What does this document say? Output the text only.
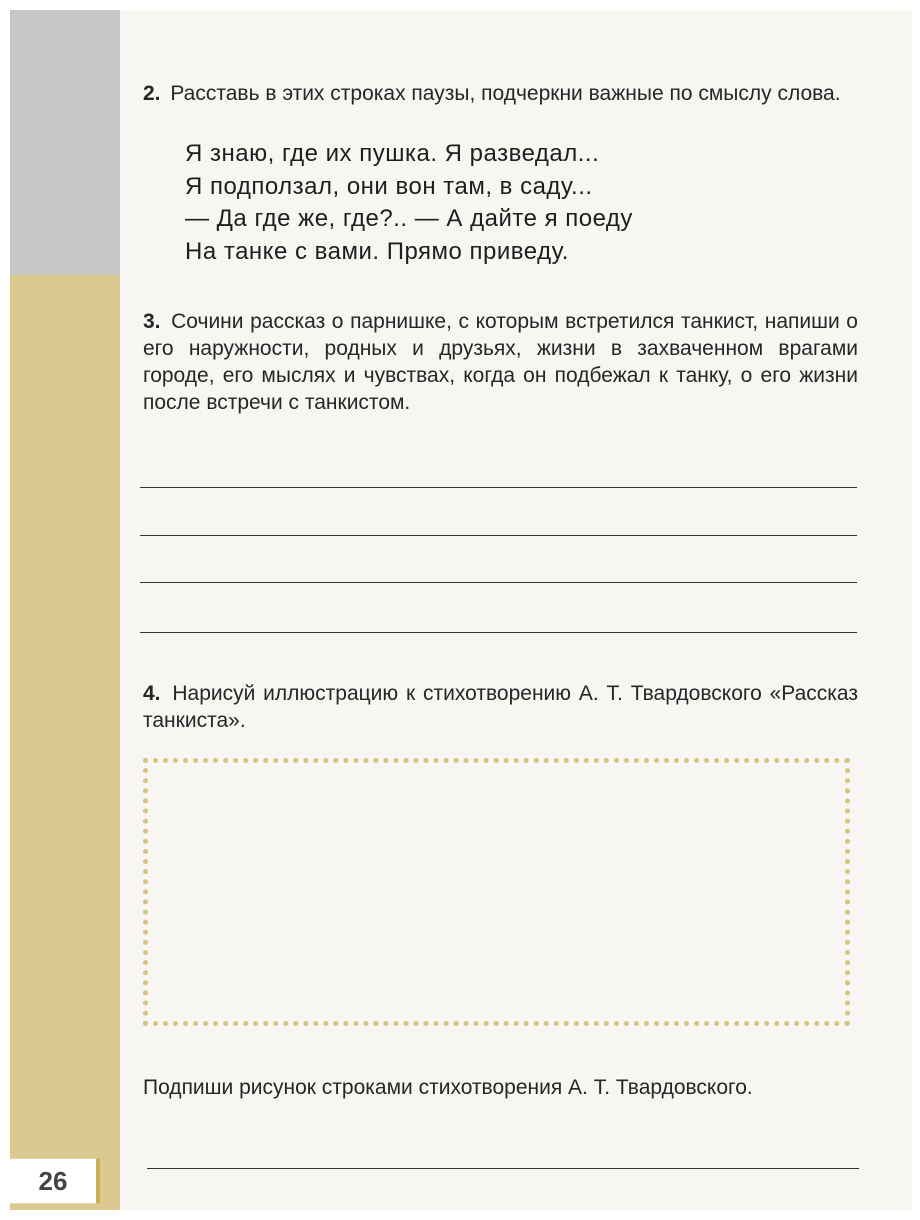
26
2. Расставь в этих строках паузы, подчеркни важные по смыслу слова.
Я знаю, где их пушка. Я разведал...
Я подползал, они вон там, в саду...
— Да где же, где?.. — А дайте я поеду
На танке с вами. Прямо приведу.
3. Сочини рассказ о парнишке, с которым встретился танкист, напиши о его наружности, родных и друзьях, жизни в захваченном врагами городе, его мыслях и чувствах, когда он подбежал к танку, о его жизни после встречи с танкистом.
4. Нарисуй иллюстрацию к стихотворению А. Т. Твардовского «Рассказ танкиста».
Подпиши рисунок строками стихотворения А. Т. Твардовского.
